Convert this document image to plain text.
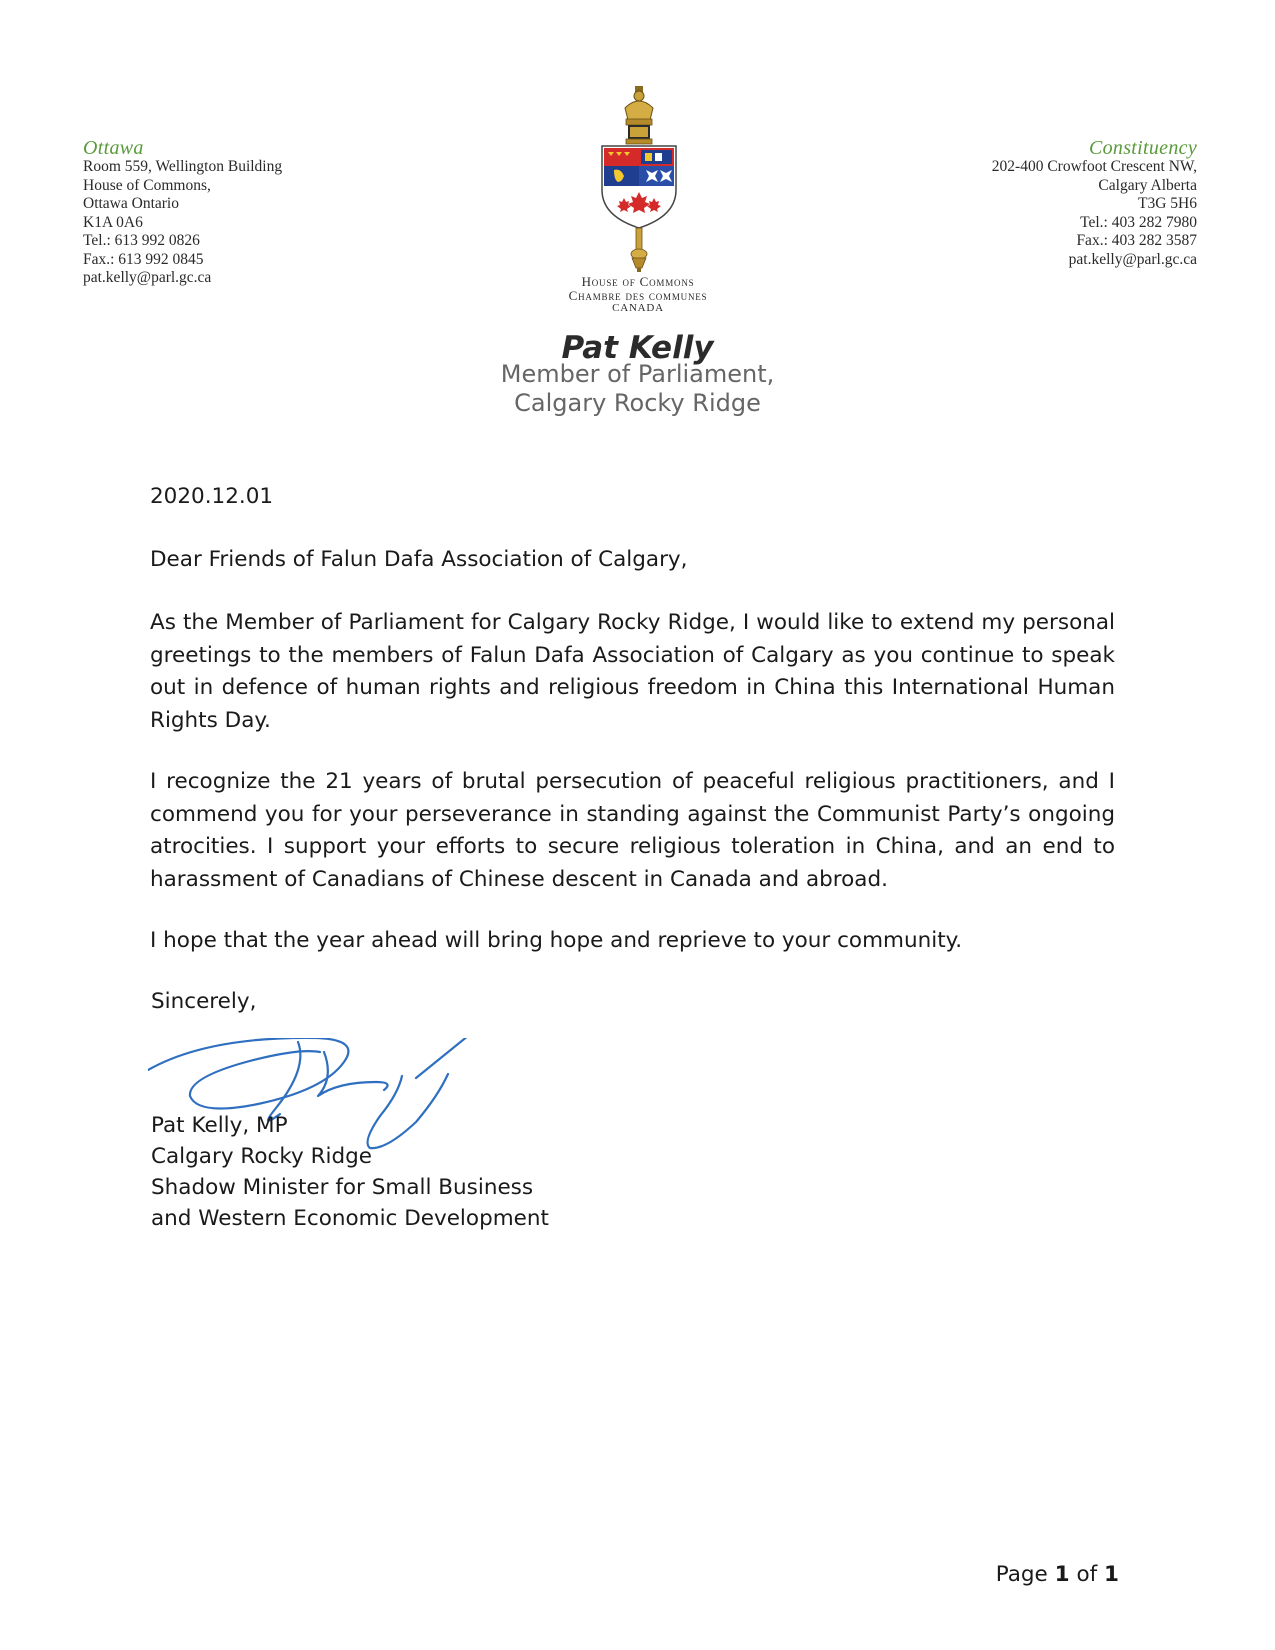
Ottawa
Room 559, Wellington Building
House of Commons,
Ottawa Ontario
K1A 0A6
Tel.: 613 992 0826
Fax.: 613 992 0845
pat.kelly@parl.gc.ca
Constituency
202-400 Crowfoot Crescent NW,
Calgary Alberta
T3G 5H6
Tel.: 403 282 7980
Fax.: 403 282 3587
pat.kelly@parl.gc.ca
House of Commons
Chambre des communes
CANADA
Pat Kelly
Member of Parliament,
Calgary Rocky Ridge
2020.12.01
Dear Friends of Falun Dafa Association of Calgary,
As the Member of Parliament for Calgary Rocky Ridge, I would like to extend my personal greetings to the members of Falun Dafa Association of Calgary as you continue to speak out in defence of human rights and religious freedom in China this International Human Rights Day.
I recognize the 21 years of brutal persecution of peaceful religious practitioners, and I commend you for your perseverance in standing against the Communist Party’s ongoing atrocities. I support your efforts to secure religious toleration in China, and an end to harassment of Canadians of Chinese descent in Canada and abroad.
I hope that the year ahead will bring hope and reprieve to your community.
Sincerely,
Pat Kelly, MP
Calgary Rocky Ridge
Shadow Minister for Small Business
and Western Economic Development
Page 1 of 1
